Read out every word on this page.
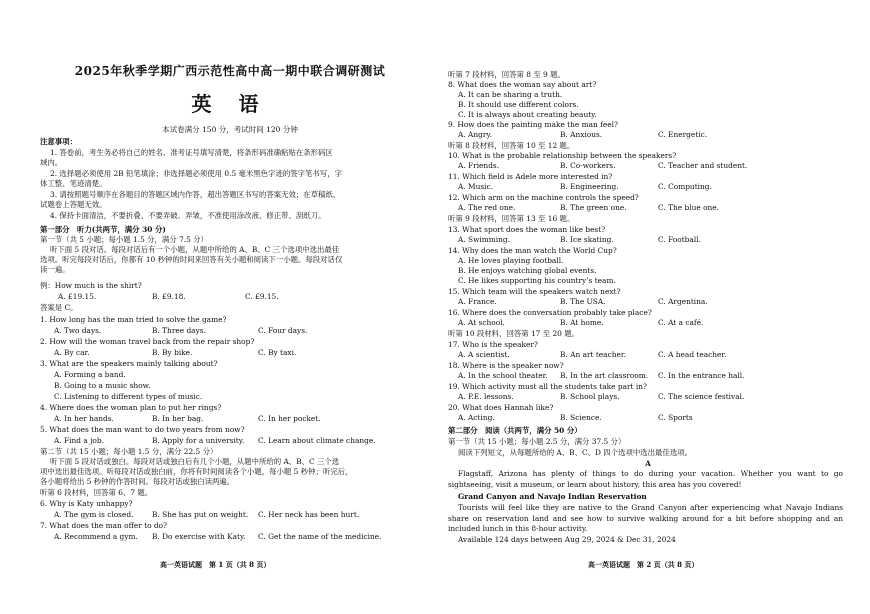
2025年秋季学期广西示范性高中高一期中联合调研测试
英 语
本试卷满分 150 分，考试时间 120 分钟
注意事项：
1. 答卷前，考生务必将自己的姓名、准考证号填写清楚，将条形码准确粘贴在条形码区
域内。
2. 选择题必须使用 2B 铅笔填涂；非选择题必须使用 0.5 毫米黑色字迹的签字笔书写，字
体工整、笔迹清楚。
3. 请按照题号顺序在各题目的答题区域内作答，超出答题区书写的答案无效；在草稿纸、
试题卷上答题无效。
4. 保持卡面清洁，不要折叠、不要弄破、弄皱，不准使用涂改液、修正带、刮纸刀。
第一部分　听力(共两节，满分 30 分)
第一节（共 5 小题；每小题 1.5 分，满分 7.5 分）
听下面 5 段对话。每段对话后有一个小题，从题中所给的 A、B、C 三个选项中选出最佳
选项。听完每段对话后，你都有 10 秒钟的时间来回答有关小题和阅读下一小题。每段对话仅
读一遍。
例：How much is the shirt?
A. £19.15.	B. £9.18.	C. £9.15.
答案是 C。
1. How long has the man tried to solve the game?
A. Two days.	B. Three days.	C. Four days.
2. How will the woman travel back from the repair shop?
A. By car.	B. By bike.	C. By taxi.
3. What are the speakers mainly talking about?
A. Forming a band.
B. Going to a music show.
C. Listening to different types of music.
4. Where does the woman plan to put her rings?
A. In her hands.	B. In her bag.	C. In her pocket.
5. What does the man want to do two years from now?
A. Find a job.	B. Apply for a university. C. Learn about climate change.
第二节（共 15 小题；每小题 1.5 分，满分 22.5 分）
听下面 5 段对话或独白。每段对话或独白后有几个小题，从题中所给的 A、B、C 三个选
项中选出最佳选项。听每段对话或独白前，你将有时间阅读各个小题，每小题 5 秒钟；听完后，
各小题将给出 5 秒钟的作答时间。每段对话或独白读两遍。
听第 6 段材料，回答第 6、7 题。
6. Why is Katy unhappy?
A. The gym is closed.	B. She has put on weight. C. Her neck has been hurt.
7. What does the man offer to do?
A. Recommend a gym. B. Do exercise with Katy. C. Get the name of the medicine.
高一英语试题　第 1 页（共 8 页）
听第 7 段材料，回答第 8 至 9 题。
8. What does the woman say about art?
A. It can be sharing a truth.
B. It should use different colors.
C. It is always about creating beauty.
9. How does the painting make the man feel?
A. Angry.	B. Anxious.	C. Energetic.
听第 8 段材料，回答第 10 至 12 题。
10. What is the probable relationship between the speakers?
A. Friends.	B. Co-workers.	C. Teacher and student.
11. Which field is Adele more interested in?
A. Music.	B. Engineering.	C. Computing.
12. Which arm on the machine controls the speed?
A. The red one.	B. The green one.	C. The blue one.
听第 9 段材料，回答第 13 至 16 题。
13. What sport does the woman like best?
A. Swimming.	B. Ice skating.	C. Football.
14. Why does the man watch the World Cup?
A. He loves playing football.
B. He enjoys watching global events.
C. He likes supporting his country’s team.
15. Which team will the speakers watch next?
A. France.	B. The USA.	C. Argentina.
16. Where does the conversation probably take place?
A. At school.	B. At home.	C. At a café.
听第 10 段材料，回答第 17 至 20 题。
17. Who is the speaker?
A. A scientist.	B. An art teacher.	C. A head teacher.
18. Where is the speaker now?
A. In the school theater. B. In the art classroom. C. In the entrance hall.
19. Which activity must all the students take part in?
A. P.E. lessons.	B. School plays.	C. The science festival.
20. What does Hannah like?
A. Acting.	B. Science.	C. Sports
第二部分　阅读（共两节，满分 50 分）
第一节（共 15 小题；每小题 2.5 分，满分 37.5 分）
阅读下列短文，从每题所给的 A、B、C、D 四个选项中选出最佳选项。
A
Flagstaff, Arizona has plenty of things to do during your vacation. Whether you want to go sightseeing, visit a museum, or learn about history, this area has you covered!
Grand Canyon and Navajo Indian Reservation
Tourists will feel like they are native to the Grand Canyon after experiencing what Navajo Indians share on reservation land and see how to survive walking around for a bit before shopping and an included lunch in this 8-hour activity.
Available 124 days between Aug 29, 2024 & Dec 31, 2024
高一英语试题　第 2 页（共 8 页）
